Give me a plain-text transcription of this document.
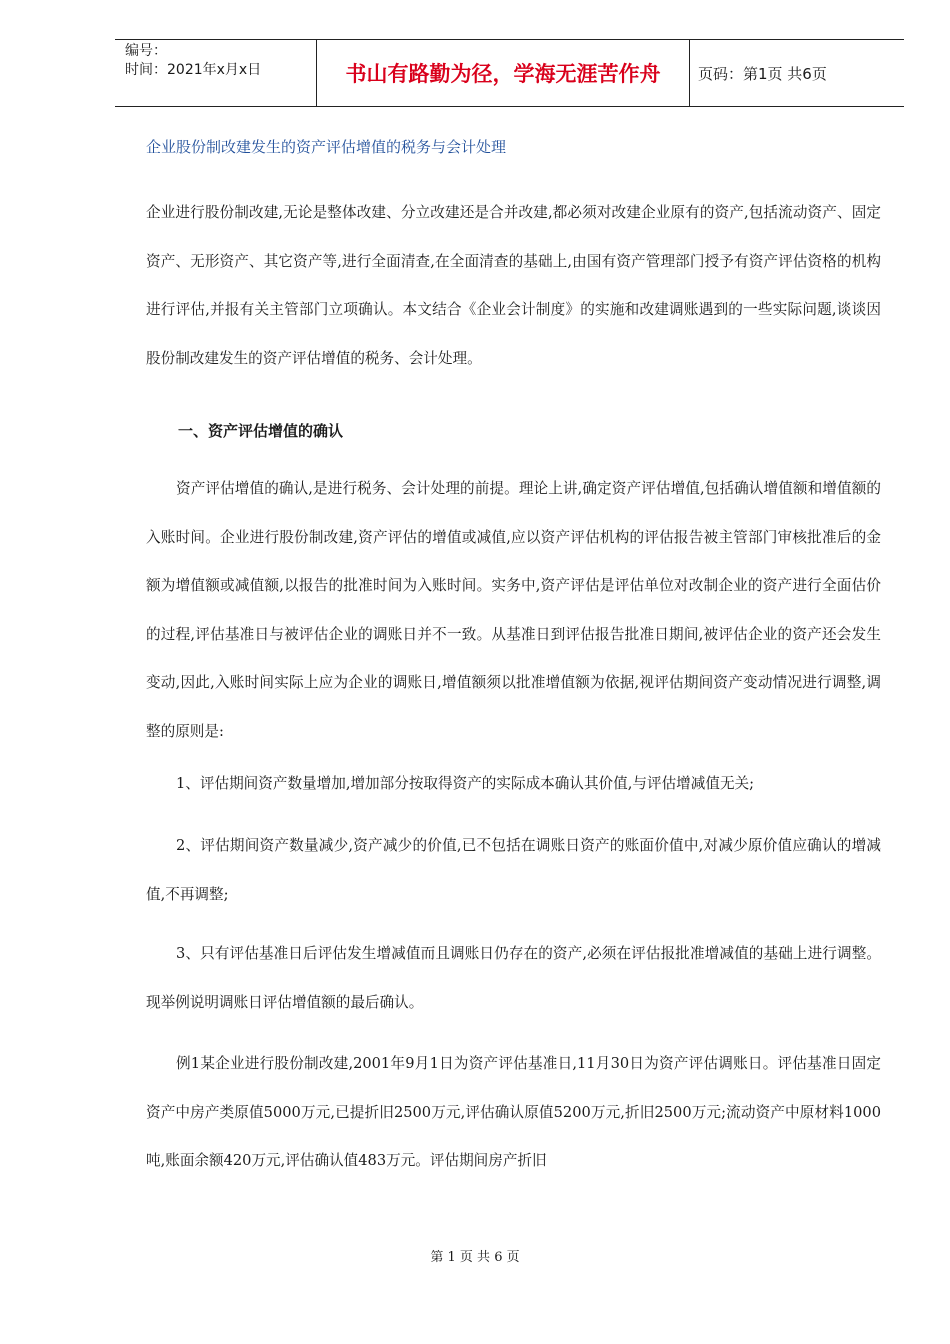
编号：
时间：2021年x月x日	书山有路勤为径，学海无涯苦作舟	页码：第1页 共6页
企业股份制改建发生的资产评估增值的税务与会计处理

企业进行股份制改建,无论是整体改建、分立改建还是合并改建,都必须对改建企业原有的资产,包括流动资产、固定资产、无形资产、其它资产等,进行全面清查,在全面清查的基础上,由国有资产管理部门授予有资产评估资格的机构进行评估,并报有关主管部门立项确认。本文结合《企业会计制度》的实施和改建调账遇到的一些实际问题,谈谈因股份制改建发生的资产评估增值的税务、会计处理。

一、资产评估增值的确认

资产评估增值的确认,是进行税务、会计处理的前提。理论上讲,确定资产评估增值,包括确认增值额和增值额的入账时间。企业进行股份制改建,资产评估的增值或减值,应以资产评估机构的评估报告被主管部门审核批准后的金额为增值额或减值额,以报告的批准时间为入账时间。实务中,资产评估是评估单位对改制企业的资产进行全面估价的过程,评估基准日与被评估企业的调账日并不一致。从基准日到评估报告批准日期间,被评估企业的资产还会发生变动,因此,入账时间实际上应为企业的调账日,增值额须以批准增值额为依据,视评估期间资产变动情况进行调整,调整的原则是:

1、评估期间资产数量增加,增加部分按取得资产的实际成本确认其价值,与评估增减值无关;

2、评估期间资产数量减少,资产减少的价值,已不包括在调账日资产的账面价值中,对减少原价值应确认的增减值,不再调整;

3、只有评估基准日后评估发生增减值而且调账日仍存在的资产,必须在评估报批准增减值的基础上进行调整。现举例说明调账日评估增值额的最后确认。

例1某企业进行股份制改建,2001年9月1日为资产评估基准日,11月30日为资产评估调账日。评估基准日固定资产中房产类原值5000万元,已提折旧2500万元,评估确认原值5200万元,折旧2500万元;流动资产中原材料1000吨,账面余额420万元,评估确认值483万元。评估期间房产折旧

第 1 页 共 6 页
